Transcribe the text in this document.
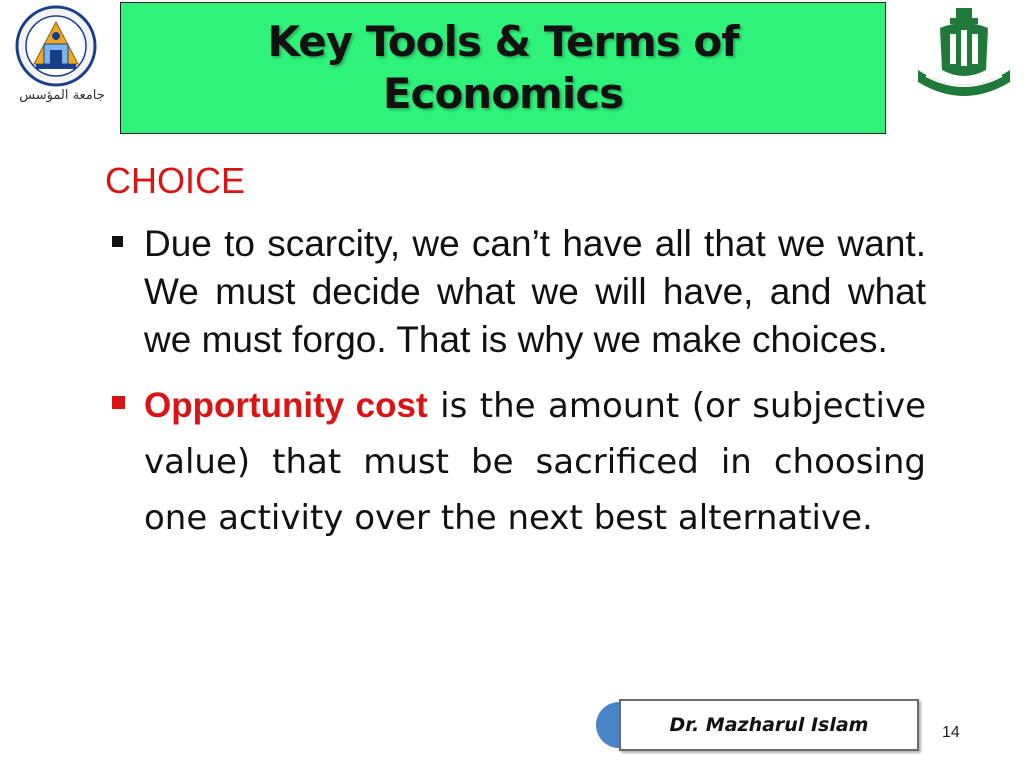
جامعة المؤسس
Key Tools & Terms of
Economics
CHOICE
Due to scarcity, we can’t have all that we want. We must decide what we will have, and what we must forgo. That is why we make choices.
Opportunity cost is the amount (or subjective value) that must be sacrificed in choosing one activity over the next best alternative.
Dr. Mazharul Islam	14
